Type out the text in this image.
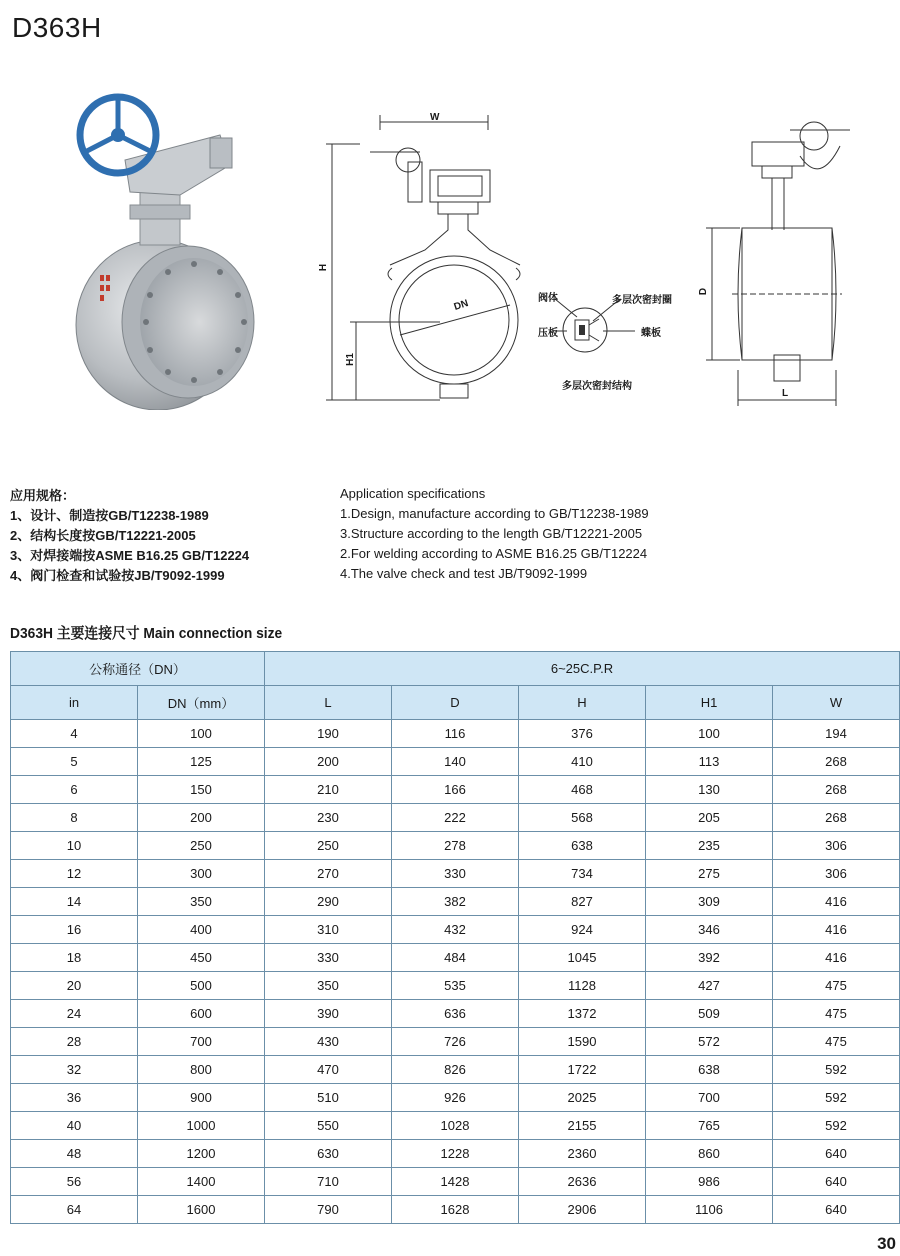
D363H
W
H
H1
DN	阀体	多层次密封圈
压板	蝶板
多层次密封结构
D
L
应用规格：
1、设计、制造按GB/T12238-1989
2、结构长度按GB/T12221-2005
3、对焊接端按ASME B16.25 GB/T12224
4、阀门检查和试验按JB/T9092-1999
Application specifications
1.Design, manufacture according to GB/T12238-1989
3.Structure according to the length GB/T12221-2005
2.For welding according to ASME B16.25 GB/T12224
4.The valve check and test JB/T9092-1999
D363H 主要连接尺寸 Main connection size
公称通径（DN）		6~25C.P.R				
in	DN（mm）	L	D	H	H1	W
4	100	190	116	376	100	194
5	125	200	140	410	113	268
6	150	210	166	468	130	268
8	200	230	222	568	205	268
10	250	250	278	638	235	306
12	300	270	330	734	275	306
14	350	290	382	827	309	416
16	400	310	432	924	346	416
18	450	330	484	1045	392	416
20	500	350	535	1128	427	475
24	600	390	636	1372	509	475
28	700	430	726	1590	572	475
32	800	470	826	1722	638	592
36	900	510	926	2025	700	592
40	1000	550	1028	2155	765	592
48	1200	630	1228	2360	860	640
56	1400	710	1428	2636	986	640
64	1600	790	1628	2906	1106	640
30
